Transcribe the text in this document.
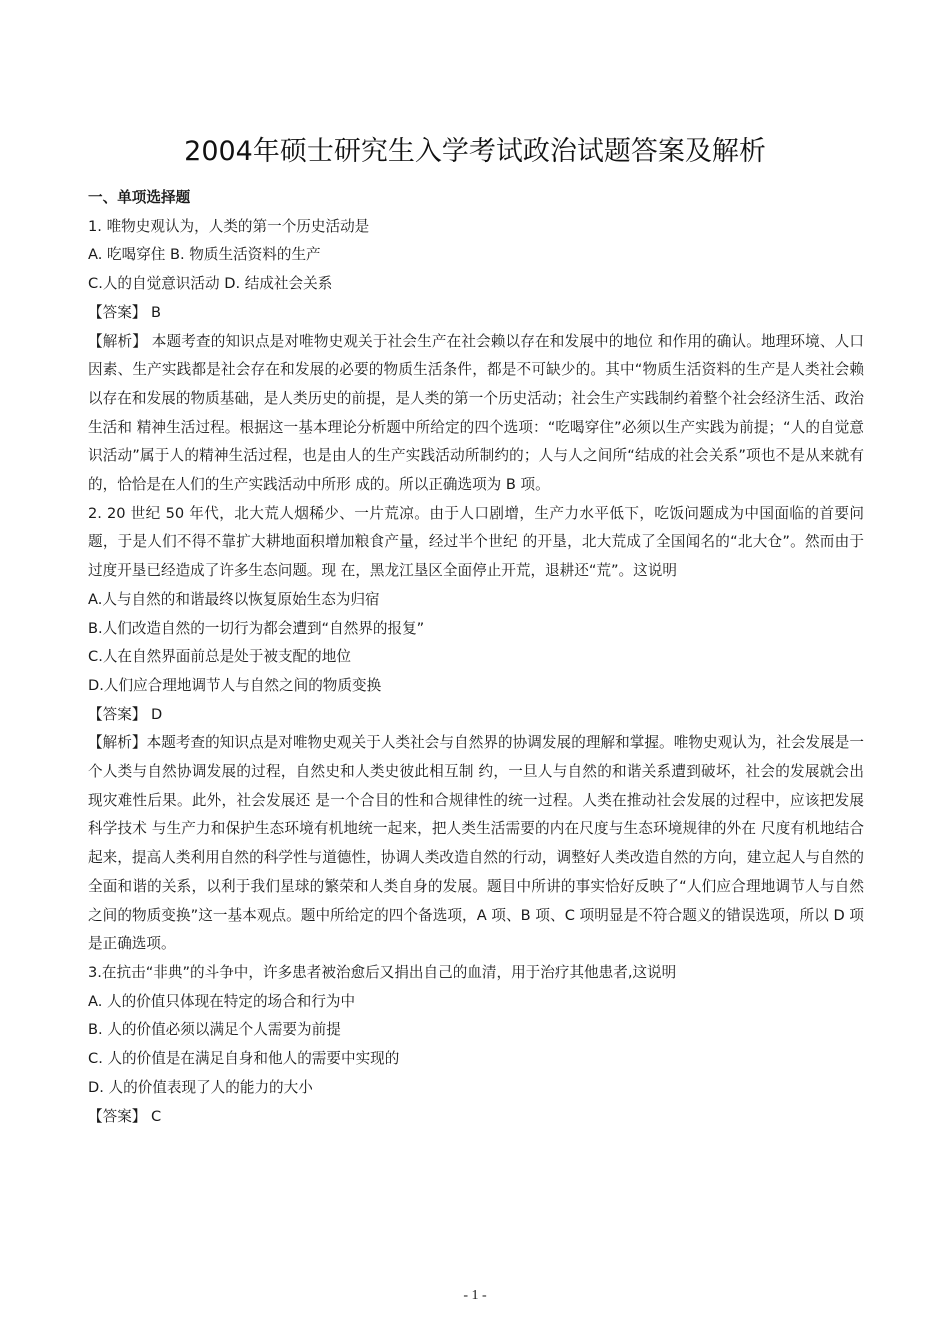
2004年硕士研究生入学考试政治试题答案及解析
一、单项选择题
1. 唯物史观认为，人类的第一个历史活动是
A. 吃喝穿住 B. 物质生活资料的生产
C.人的自觉意识活动 D. 结成社会关系
【答案】 B

【解析】 本题考查的知识点是对唯物史观关于社会生产在社会赖以存在和发展中的地位 和作用的确认。地理环境、人口因素、生产实践都是社会存在和发展的必要的物质生活条件，都是不可缺少的。其中“物质生活资料的生产是人类社会赖以存在和发展的物质基础，是人类历史的前提，是人类的第一个历史活动；社会生产实践制约着整个社会经济生活、政治生活和 精神生活过程。根据这一基本理论分析题中所给定的四个选项：“吃喝穿住”必须以生产实践为前提；“人的自觉意识活动”属于人的精神生活过程，也是由人的生产实践活动所制约的；人与人之间所“结成的社会关系”项也不是从来就有的，恰恰是在人们的生产实践活动中所形 成的。所以正确选项为 B 项。

2. 20 世纪 50 年代，北大荒人烟稀少、一片荒凉。由于人口剧增，生产力水平低下，吃饭问题成为中国面临的首要问题，于是人们不得不靠扩大耕地面积增加粮食产量，经过半个世纪 的开垦，北大荒成了全国闻名的“北大仓”。然而由于过度开垦已经造成了许多生态问题。现 在，黑龙江垦区全面停止开荒，退耕还“荒”。这说明

A.人与自然的和谐最终以恢复原始生态为归宿
B.人们改造自然的一切行为都会遭到“自然界的报复”
C.人在自然界面前总是处于被支配的地位
D.人们应合理地调节人与自然之间的物质变换
【答案】 D

【解析】本题考查的知识点是对唯物史观关于人类社会与自然界的协调发展的理解和掌握。唯物史观认为，社会发展是一个人类与自然协调发展的过程，自然史和人类史彼此相互制 约，一旦人与自然的和谐关系遭到破坏，社会的发展就会出现灾难性后果。此外，社会发展还 是一个合目的性和合规律性的统一过程。人类在推动社会发展的过程中，应该把发展科学技术 与生产力和保护生态环境有机地统一起来，把人类生活需要的内在尺度与生态环境规律的外在 尺度有机地结合起来，提高人类利用自然的科学性与道德性，协调人类改造自然的行动，调整好人类改造自然的方向，建立起人与自然的全面和谐的关系，以利于我们星球的繁荣和人类自身的发展。题目中所讲的事实恰好反映了“人们应合理地调节人与自然之间的物质变换”这一基本观点。题中所给定的四个备选项，A 项、B 项、C 项明显是不符合题义的错误选项，所以 D 项是正确选项。

3.在抗击“非典”的斗争中，许多患者被治愈后又捐出自己的血清，用于治疗其他患者,这说明
A. 人的价值只体现在特定的场合和行为中
B. 人的价值必须以满足个人需要为前提
C. 人的价值是在满足自身和他人的需要中实现的
D. 人的价值表现了人的能力的大小
【答案】 C
- 1 -
